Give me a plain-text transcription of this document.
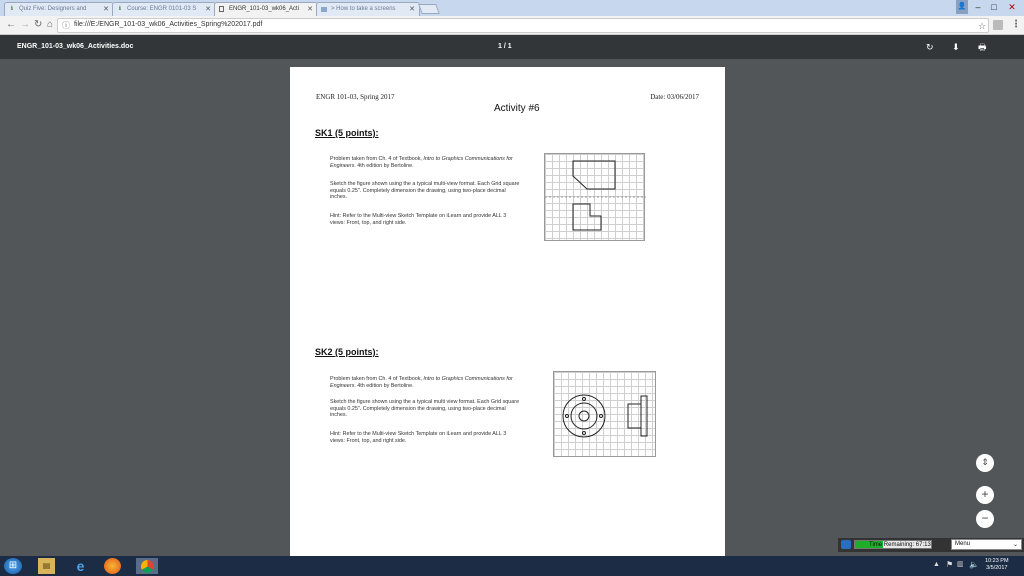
ℹ Quiz Five: Designers and ✕	ℹ Course: ENGR 0101-03 S ✕	ENGR_101-03_wk06_Acti ✕	> How to take a screens ✕	👤	–	□	✕
← → ↻ ⌂ ⓘ file:///E:/ENGR_101-03_wk06_Activities_Spring%202017.pdf	☆ ⋮
ENGR_101-03_wk06_Activities.doc	1 / 1	↻ ⬇ 🖶
ENGR 101-03, Spring 2017	Date: 03/06/2017
Activity #6
SK1 (5 points):
Problem taken from Ch. 4 of Textbook, Intro to Graphics Communications for Engineers. 4th edition by Bertoline.
Sketch the figure shown using the a typical multi-view format. Each Grid square equals 0.25". Completely dimension the drawing, using two-place decimal inches.
Hint: Refer to the Multi-view Sketch Template on iLearn and provide ALL 3 views: Front, top, and right side.
SK2 (5 points):
Problem taken from Ch. 4 of Textbook, Intro to Graphics Communications for Engineers. 4th edition by Bertoline.
Sketch the figure shown using the a typical multi view format. Each Grid square equals 0.25". Completely dimension the drawing, using two-place decimal inches.
Hint: Refer to the Multi-view Sketch Template on iLearn and provide ALL 3 views: Front, top, and right side.
⇕
+
−
Time Remaining: 67:13	Menu	⌄
⊞	▤	e	▲ ⚑ ▥ 🔈 10:23 PM
3/5/2017
